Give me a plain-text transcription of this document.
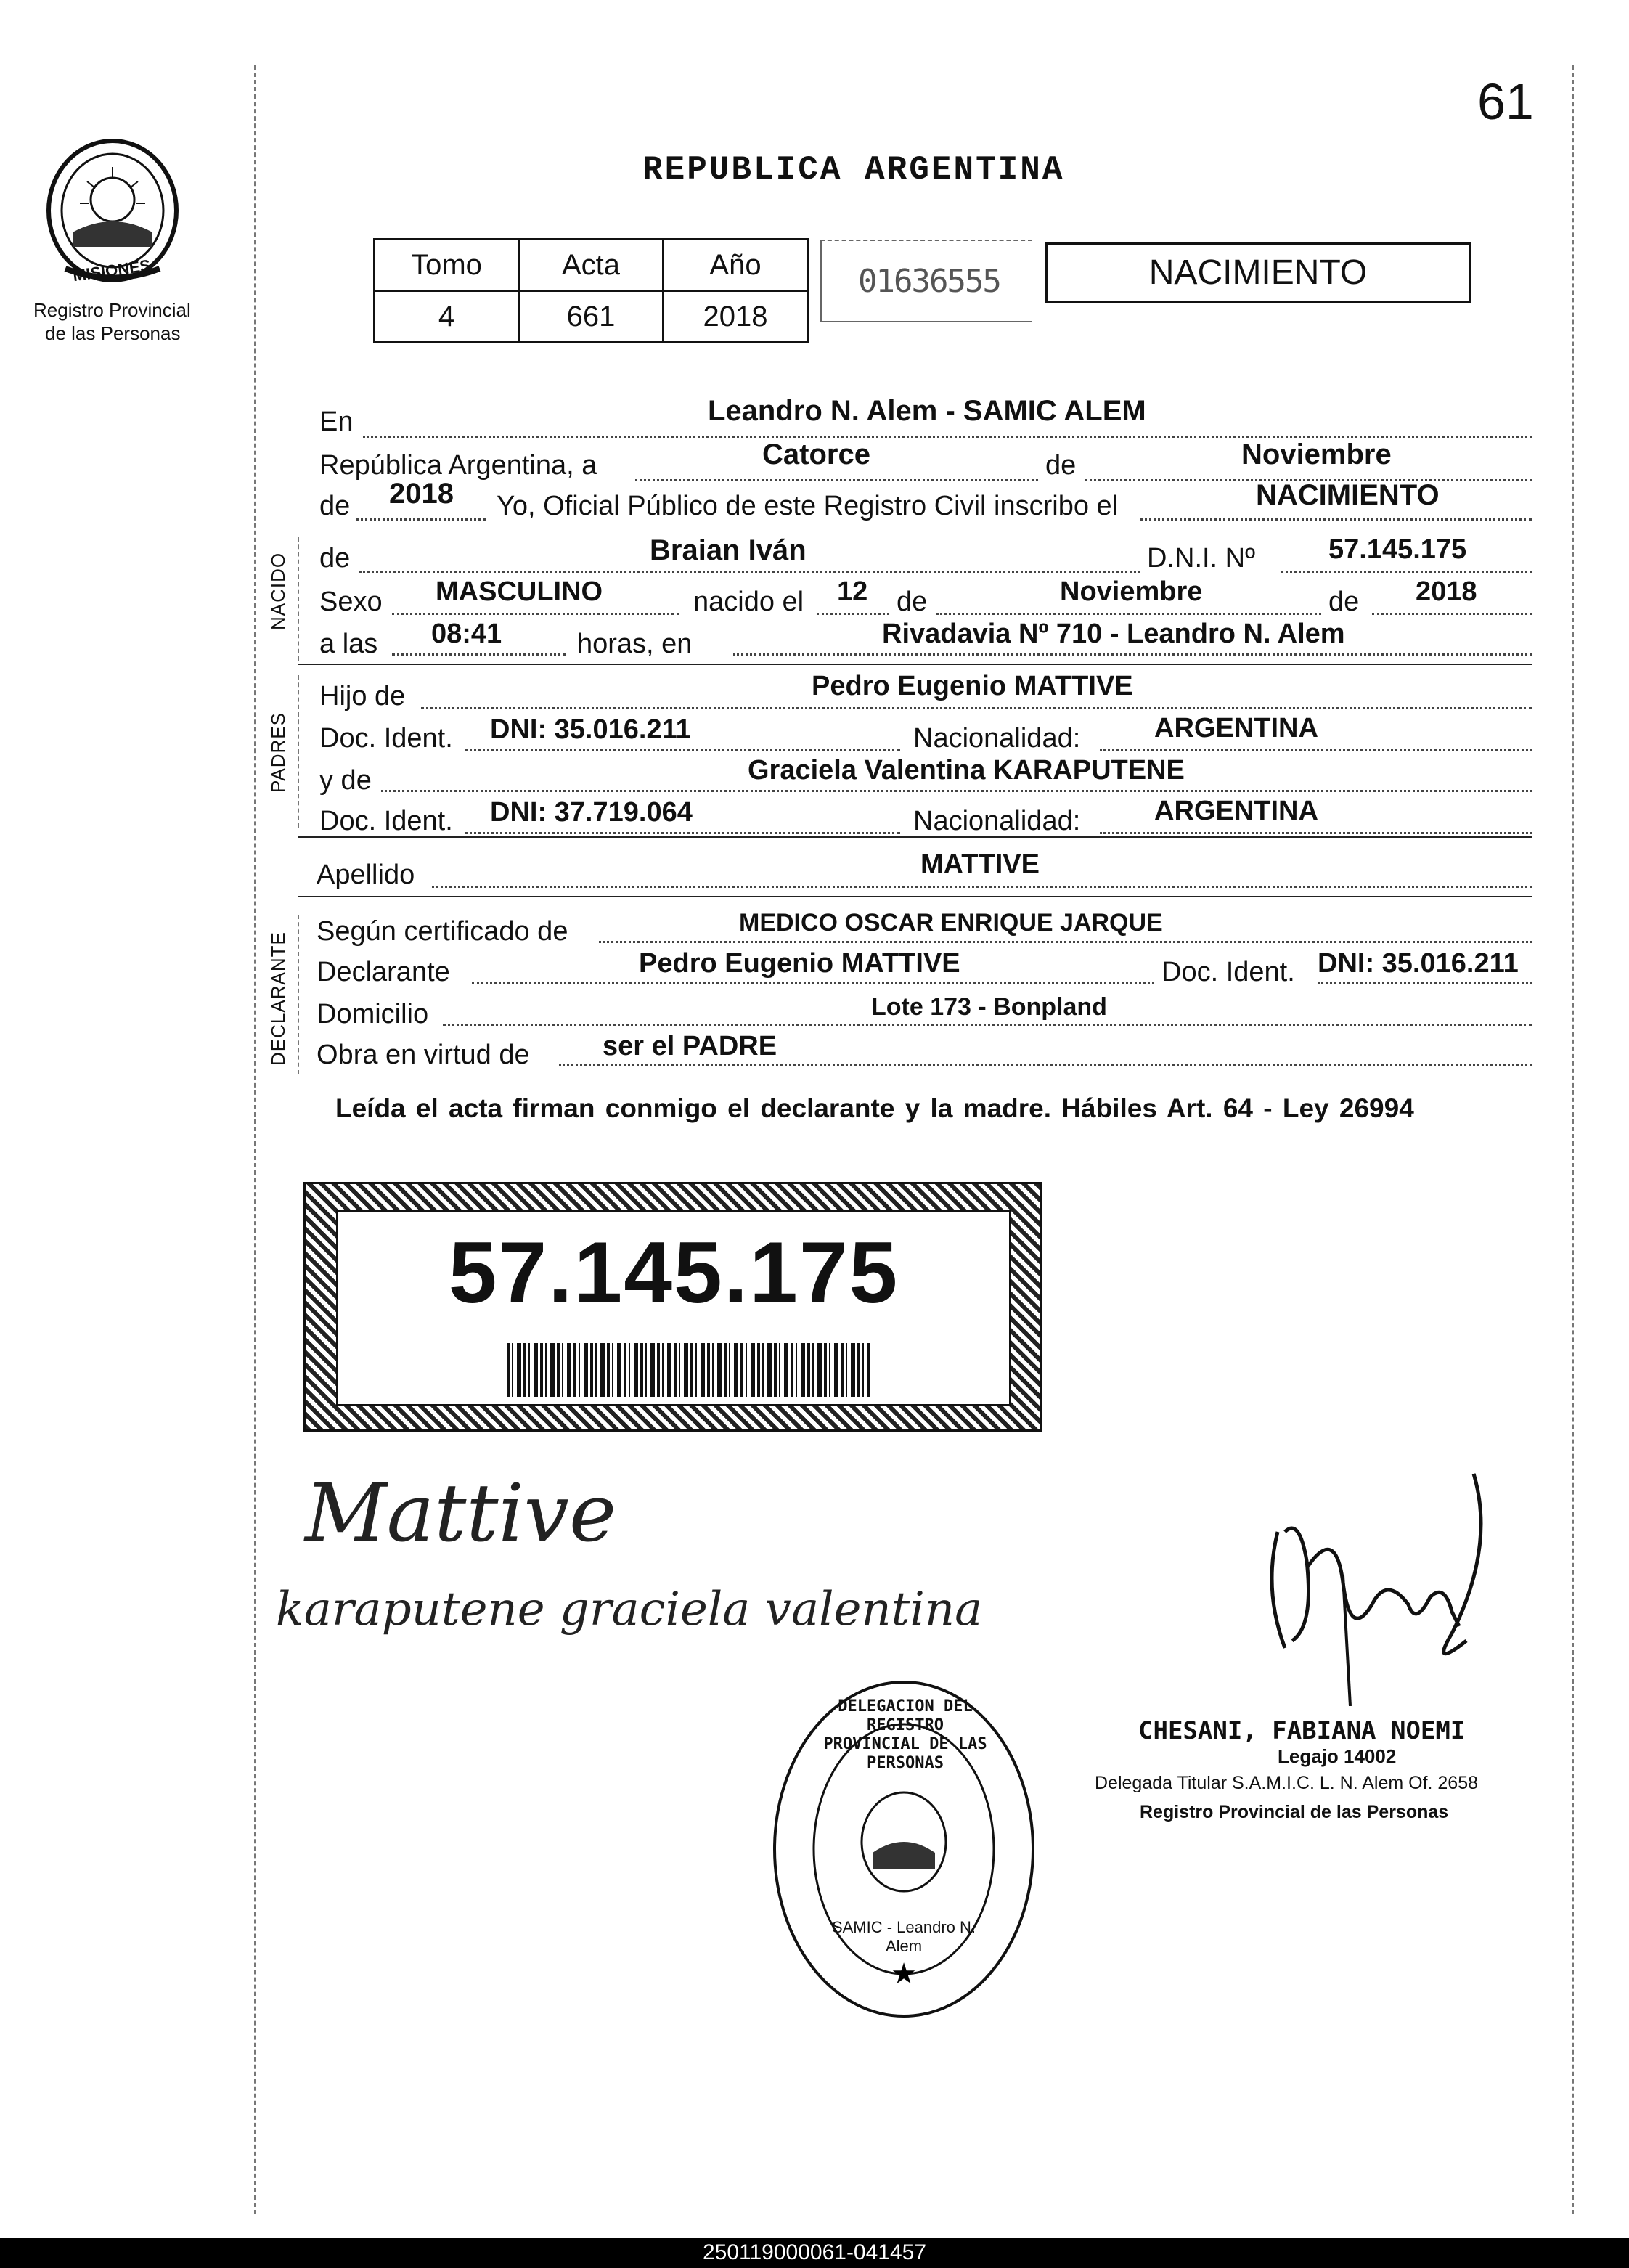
61
MISIONES
Registro Provincial
de las Personas
REPUBLICA ARGENTINA
Tomo	Acta	Año
4	661	2018
01636555	NACIMIENTO
En	Leandro N. Alem - SAMIC ALEM
República Argentina, a	Catorce	de	Noviembre
de 2018 Yo, Oficial Público de este Registro Civil inscribo el	NACIMIENTO
NACIDO de	Braian Iván	D.N.I. Nº	57.145.175
Sexo MASCULINO	nacido el 12 de	Noviembre	de 2018
a las 08:41	horas, en	Rivadavia Nº 710 - Leandro N. Alem
PADRES
Hijo de	Pedro Eugenio MATTIVE
Doc. Ident. DNI: 35.016.211	Nacionalidad:	ARGENTINA
y de	Graciela Valentina KARAPUTENE
Doc. Ident. DNI: 37.719.064	Nacionalidad:	ARGENTINA
Apellido	MATTIVE
DECLARANTE
Según certificado de	MEDICO OSCAR ENRIQUE JARQUE
Declarante	Pedro Eugenio MATTIVE	Doc. Ident. DNI: 35.016.211
Domicilio	Lote 173 - Bonpland
Obra en virtud de	ser el PADRE
Leída el acta firman conmigo el declarante y la madre. Hábiles Art. 64 - Ley 26994
57.145.175
Mattive
karaputene graciela valentina
★
DELEGACION DEL REGISTRO PROVINCIAL DE LAS PERSONAS
SAMIC - Leandro N. Alem
CHESANI, FABIANA NOEMI
Legajo 14002
Delegada Titular S.A.M.I.C. L. N. Alem Of. 2658
Registro Provincial de las Personas
250119000061-041457
